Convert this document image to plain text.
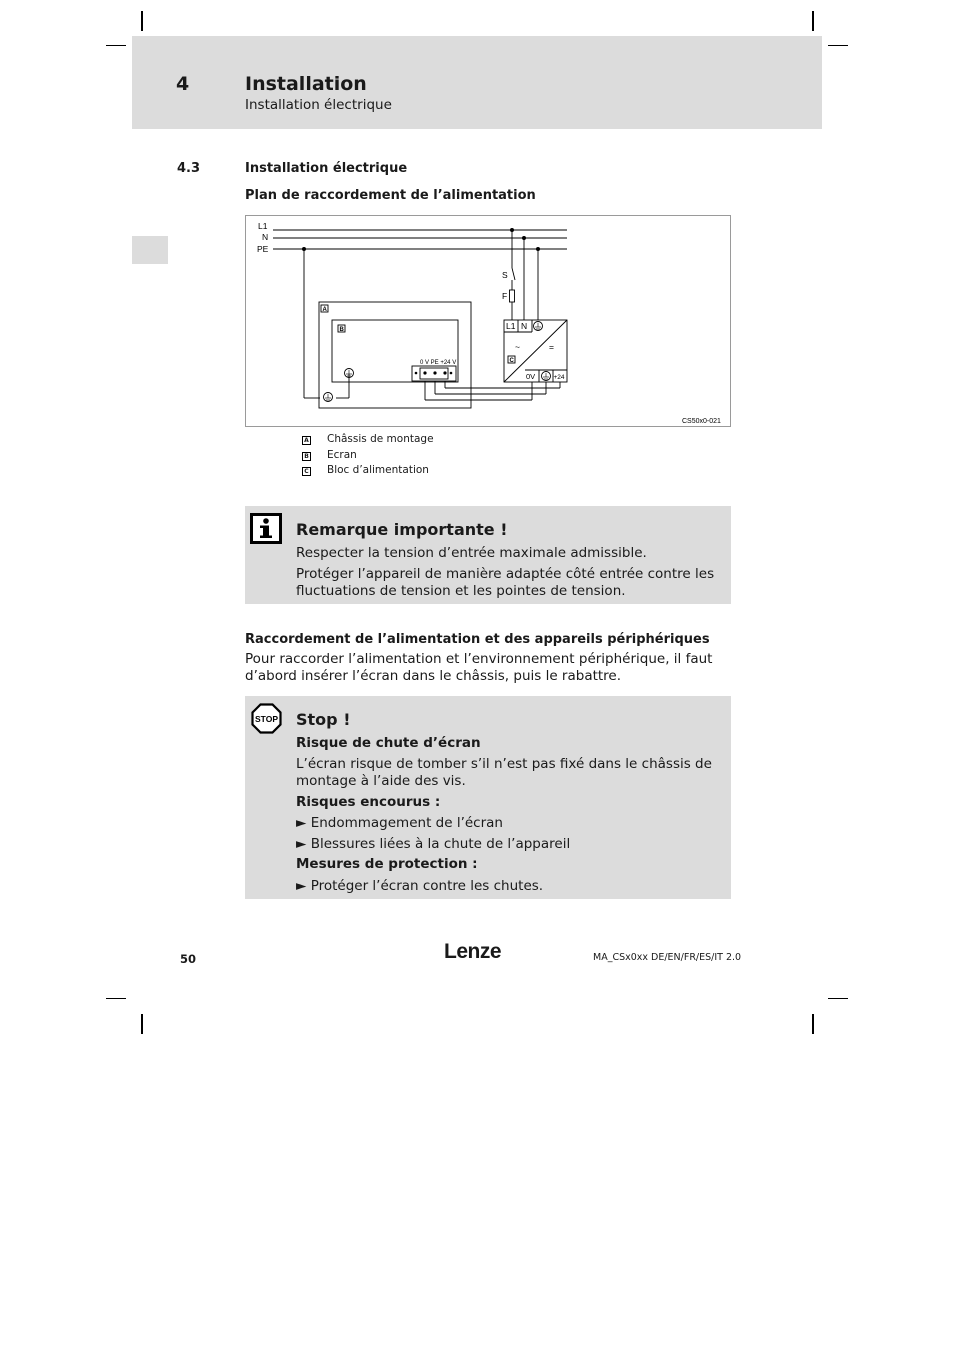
4	Installation
Installation électrique
4.3	Installation électrique
Plan de raccordement de l’alimentation
L1
N
PE
S
F
L1 N
~	=
A
B
C
0 V PE +24 V
0V	+24
CS50x0-021
A Châssis de montage
B Ecran
C Bloc d’alimentation
Remarque importante !
Respecter la tension d’entrée maximale admissible.
Protéger l’appareil de manière adaptée côté entrée contre les fluctuations de tension et les pointes de tension.
Raccordement de l’alimentation et des appareils périphériques
Pour raccorder l’alimentation et l’environnement périphérique, il faut d’abord insérer l’écran dans le châssis, puis le rabattre.
STOP Stop !
Risque de chute d’écran
L’écran risque de tomber s’il n’est pas fixé dans le châssis de montage à l’aide des vis.
Risques encourus :
► Endommagement de l’écran
► Blessures liées à la chute de l’appareil
Mesures de protection :
► Protéger l’écran contre les chutes.
50	Lenze	MA_CSx0xx DE/EN/FR/ES/IT 2.0
